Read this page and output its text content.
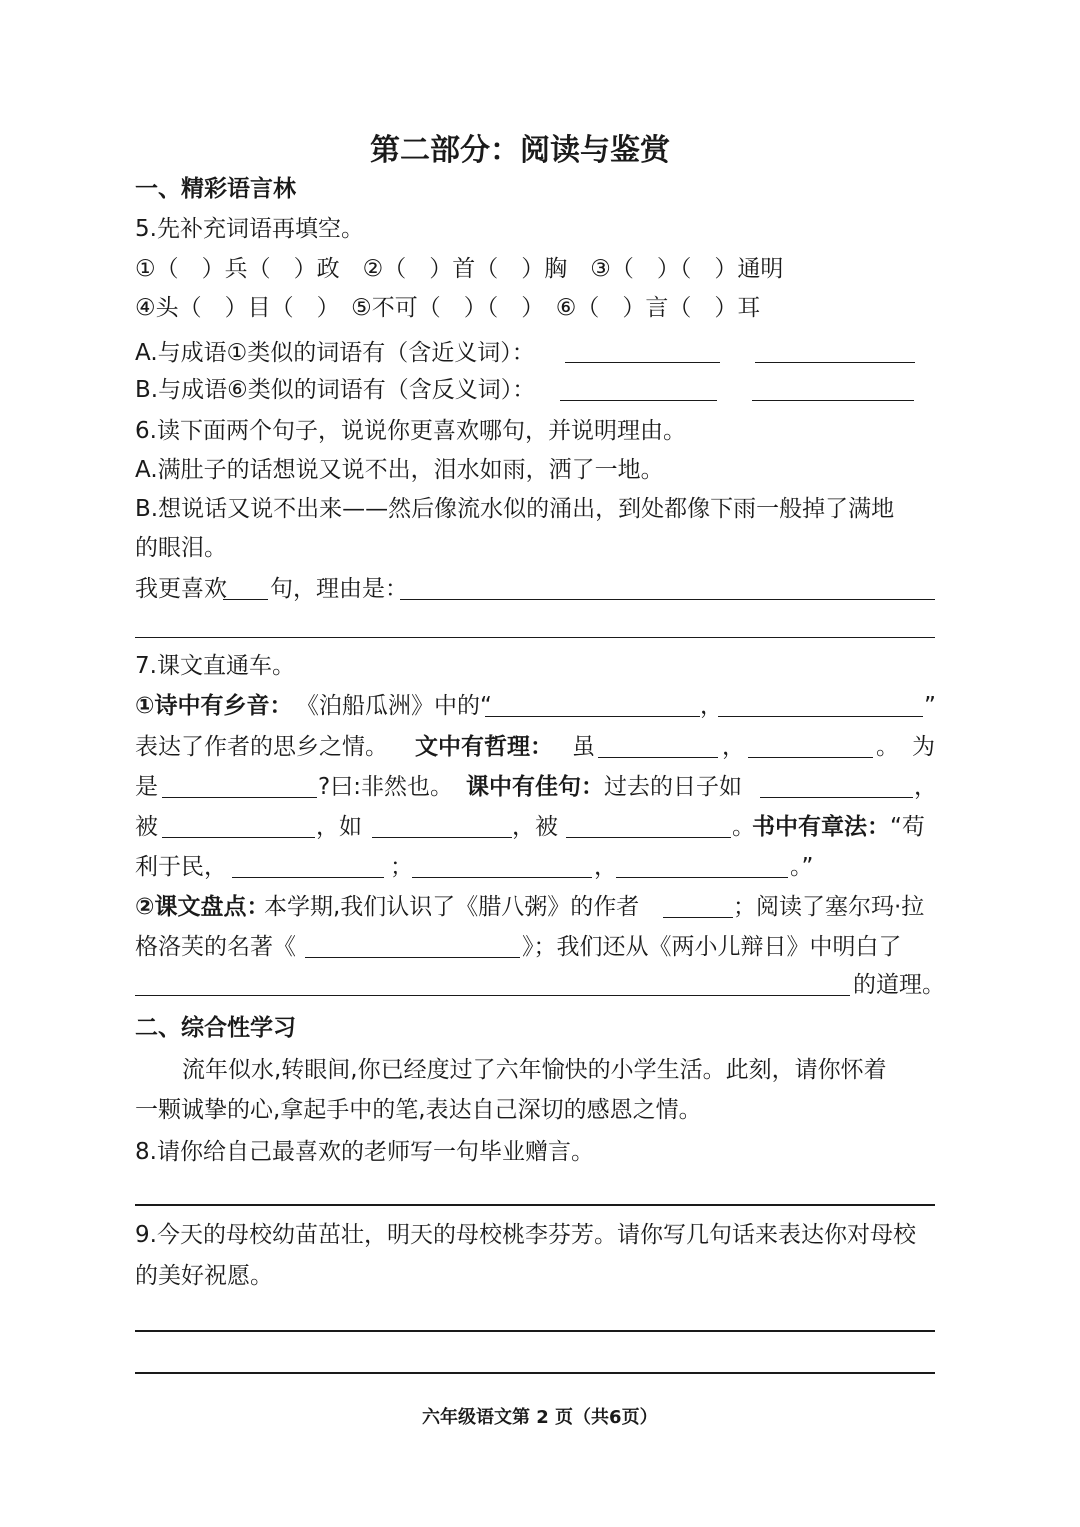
第二部分：阅读与鉴赏
一、精彩语言林
5.先补充词语再填空。
①（　）兵（　）政　②（　）首（　）胸　③（　）（　）通明
④头（　）目（　）　⑤不可（　）（　）　⑥（　）言（　）耳
A.与成语①类似的词语有（含近义词）：
B.与成语⑥类似的词语有（含反义词）：
6.读下面两个句子，说说你更喜欢哪句，并说明理由。
A.满肚子的话想说又说不出，泪水如雨，洒了一地。
B.想说话又说不出来——然后像流水似的涌出，到处都像下雨一般掉了满地
的眼泪。
我更喜欢 句，理由是：
7.课文直通车。
①诗中有乡音： 《泊船瓜洲》中的“	，	”
表达了作者的思乡之情。 文中有哲理： 虽	，	。 为
是	?曰:非然也。 课中有佳句： 过去的日子如	，
被	，如	，被	。
书中有章法： “苟
利于民，	；	，	。”
②课文盘点：
本学期,我们认识了《腊八粥》的作者	；阅读了塞尔玛·拉
格洛芙的名著《	》；我们还从《两小儿辩日》中明白了
的道理。
二、综合性学习
流年似水,转眼间,你已经度过了六年愉快的小学生活。此刻，请你怀着
一颗诚挚的心,拿起手中的笔,表达自己深切的感恩之情。
8.请你给自己最喜欢的老师写一句毕业赠言。
9.今天的母校幼苗茁壮，明天的母校桃李芬芳。请你写几句话来表达你对母校
的美好祝愿。
六年级语文第 2 页（共6页）
